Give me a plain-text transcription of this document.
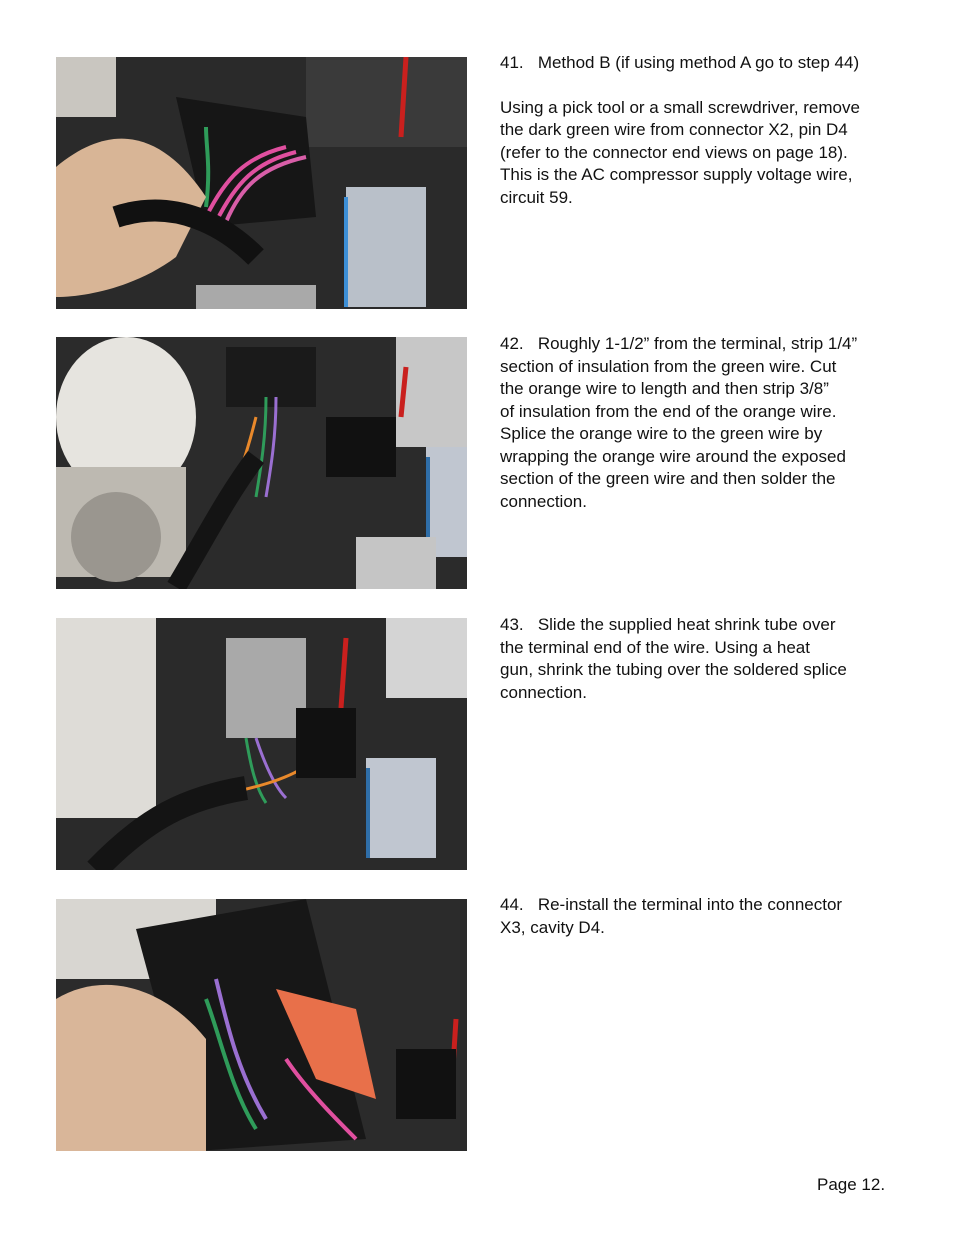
41. Method B (if using method A go to step 44)

Using a pick tool or a small screwdriver, remove
the dark green wire from connector X2, pin D4
(refer to the connector end views on page 18).
This is the AC compressor supply voltage wire,
circuit 59.

42. Roughly 1-1/2” from the terminal, strip 1/4”
section of insulation from the green wire. Cut
the orange wire to length and then strip 3/8”
of insulation from the end of the orange wire.
Splice the orange wire to the green wire by
wrapping the orange wire around the exposed
section of the green wire and then solder the
connection.

43. Slide the supplied heat shrink tube over
the terminal end of the wire. Using a heat
gun, shrink the tubing over the soldered splice
connection.

44. Re-install the terminal into the connector
X3, cavity D4.

Page 12.
